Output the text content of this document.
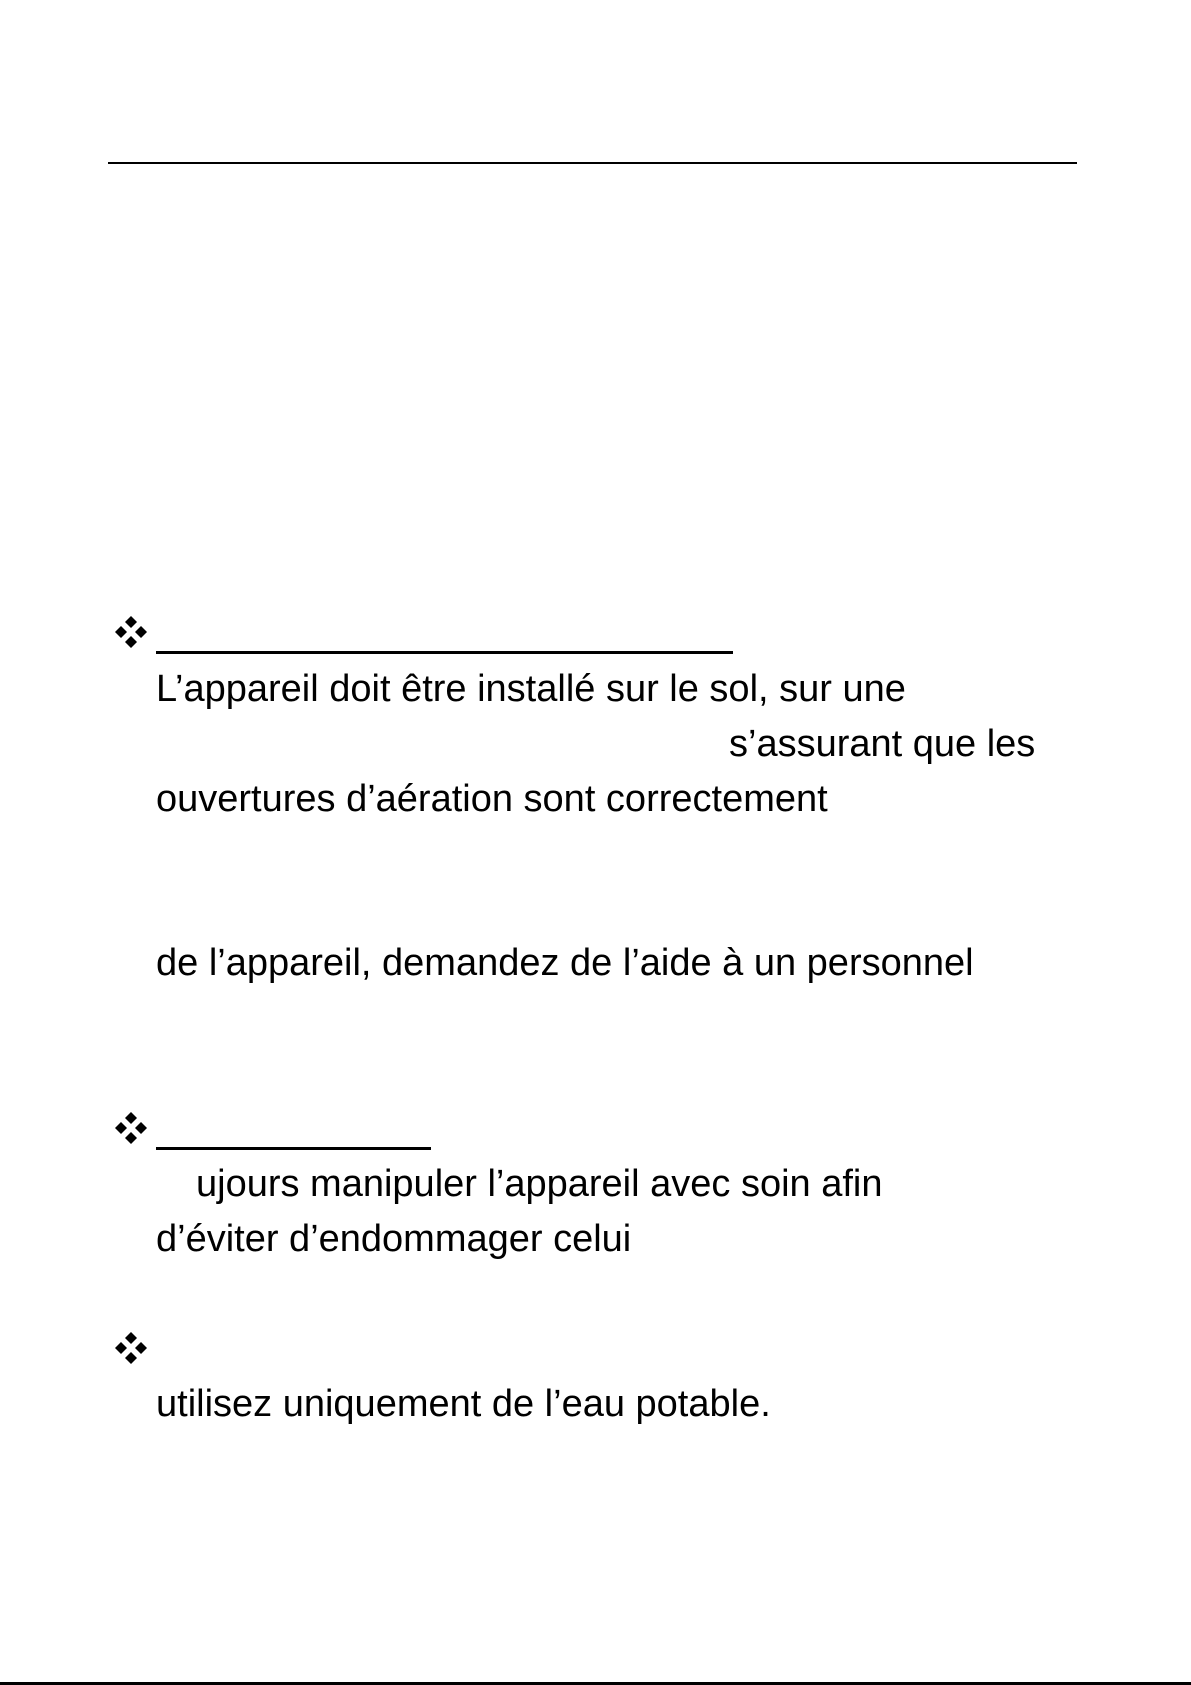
L’appareil doit être installé sur le sol, sur une
s’assurant que les
ouvertures d’aération sont correctement
de l’appareil, demandez de l’aide à un personnel
ujours manipuler l’appareil avec soin afin
d’éviter d’endommager celui
utilisez uniquement de l’eau potable.
